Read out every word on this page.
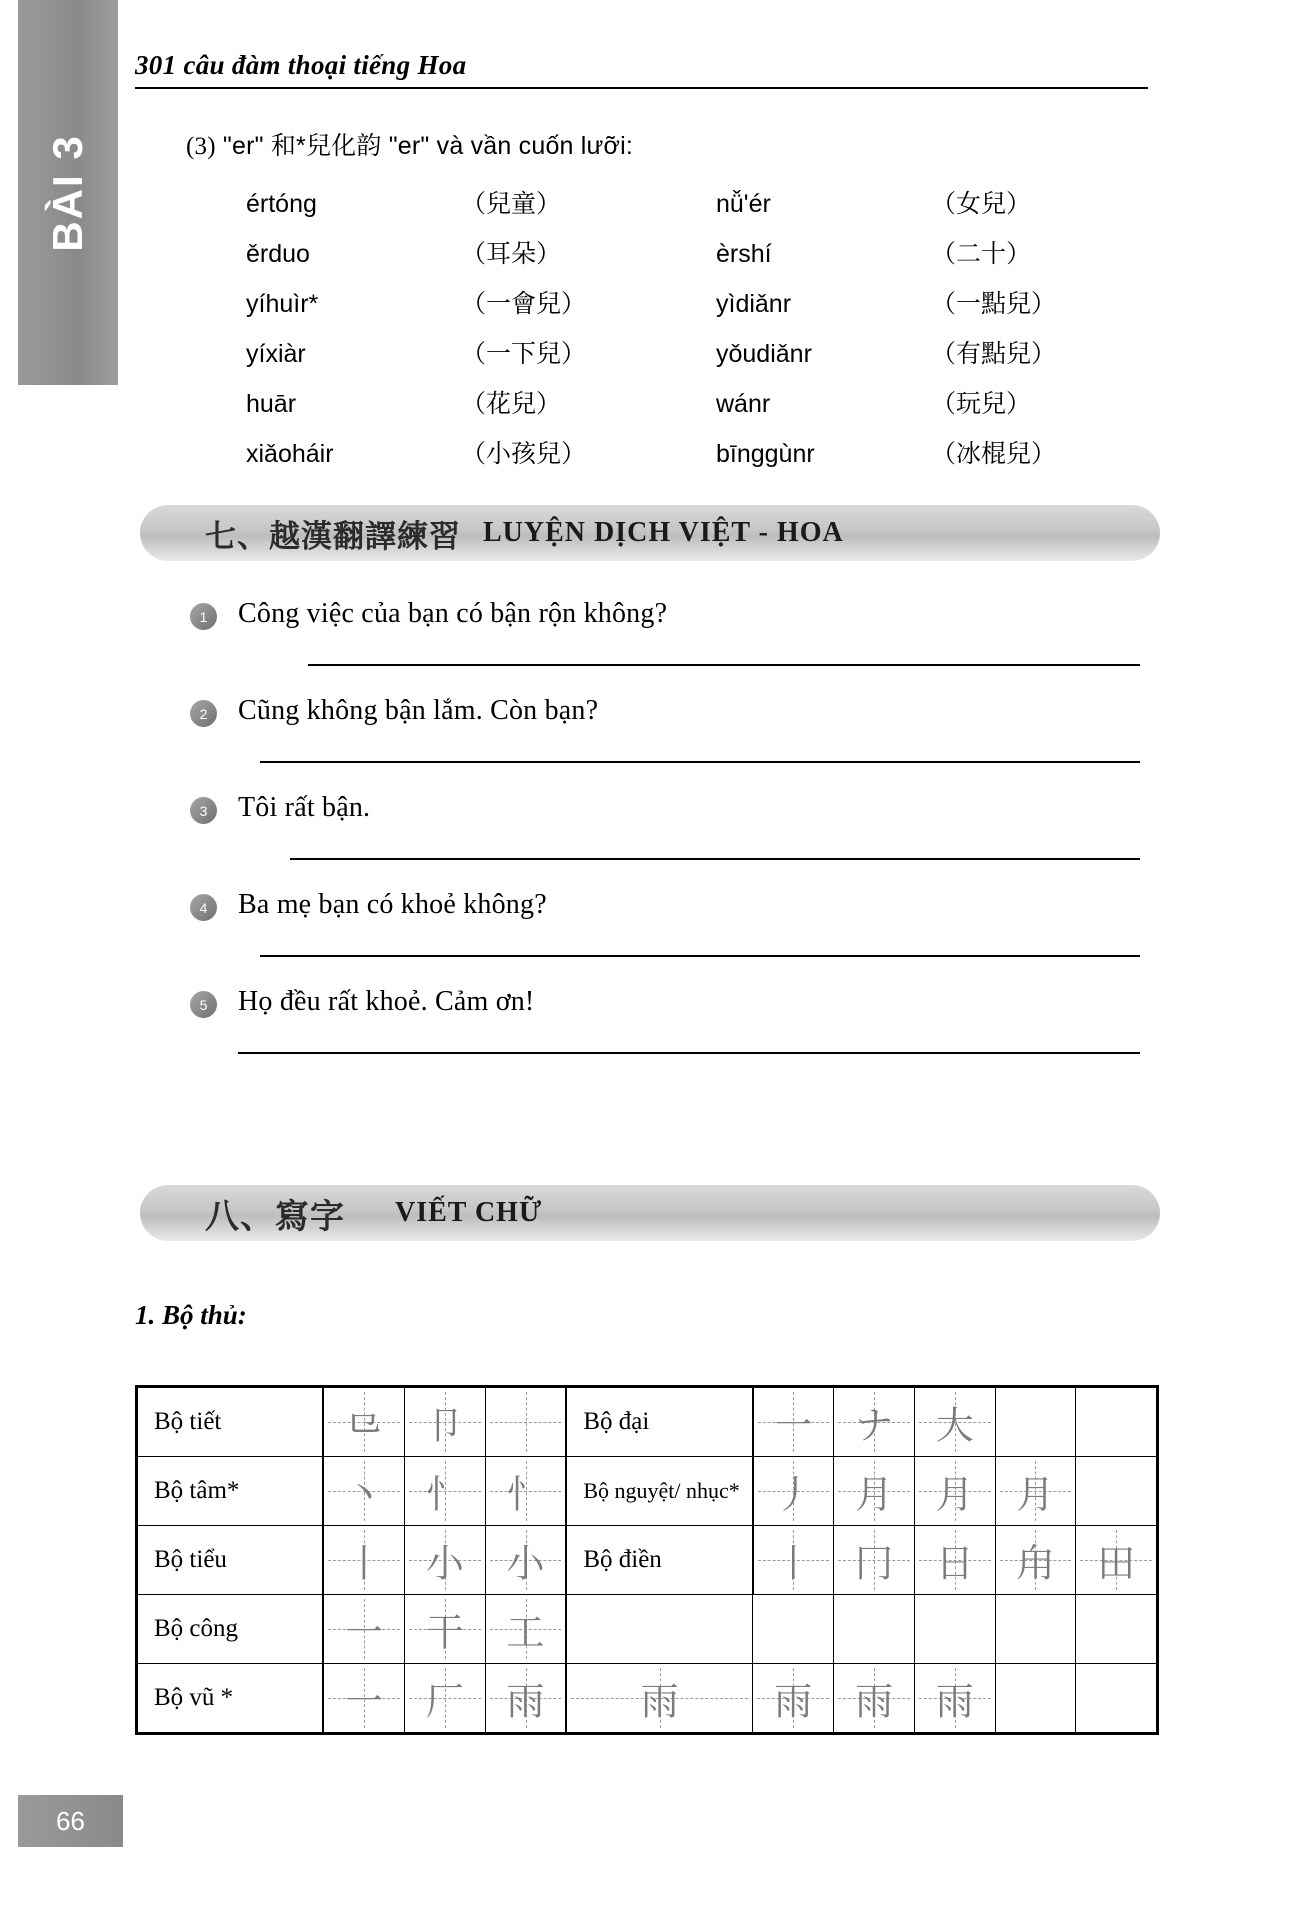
BÀI 3
301 câu đàm thoại tiếng Hoa
(3) "er" 和*兒化韵 "er" và vần cuốn lưỡi:
értóng	（兒童）	nǚ'ér	（女兒）
ěrduo	（耳朵）	èrshí	（二十）
yíhuìr*	（一會兒）	yìdiǎnr	（一點兒）
yíxiàr	（一下兒）	yǒudiǎnr	（有點兒）
huār	（花兒）	wánr	（玩兒）
xiǎoháir	（小孩兒）	bīnggùnr	（冰棍兒）
七、越漢翻譯練習 LUYỆN DỊCH VIỆT - HOA
1	Công việc của bạn có bận rộn không?
2	Cũng không bận lắm. Còn bạn?
3	Tôi rất bận.
4	Ba mẹ bạn có khoẻ không?
5	Họ đều rất khoẻ. Cảm ơn!
八、寫字 VIẾT CHỮ
1. Bộ thủ:
Bộ tiết	⺋	卩		Bộ đại	一	ナ	大		

Bộ tâm*	丶	忄	忄	Bộ nguyệt/ nhục*	丿	月	月	月	

Bộ tiểu	丨	小	小	Bộ điền	丨	冂	日	甪	田

Bộ công	一	干	工						

Bộ vũ *	一	厂	雨	雨	雨	雨	雨		

66
